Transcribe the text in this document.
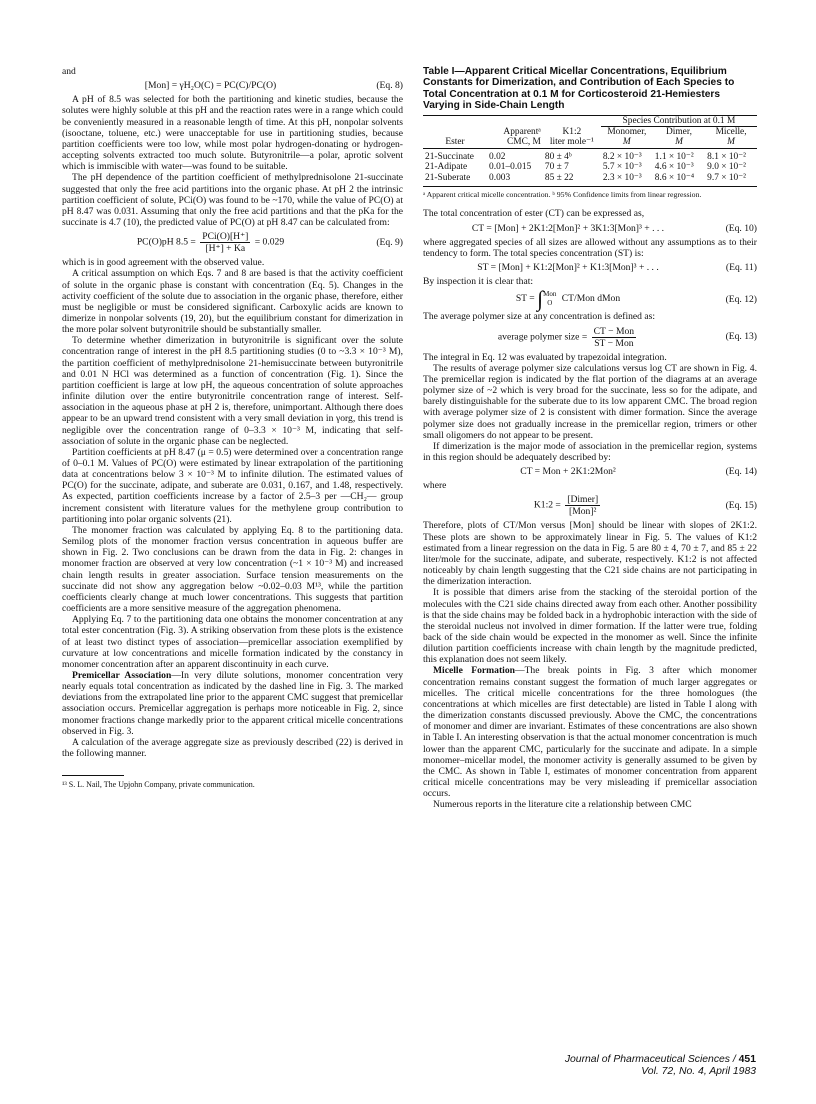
and

[Mon] = γH₂O(C) = PC(C)/PC(O)	(Eq. 8)

A pH of 8.5 was selected for both the partitioning and kinetic studies, because the solutes were highly soluble at this pH and the reaction rates were in a range which could be conveniently measured in a reasonable length of time. At this pH, nonpolar solvents (isooctane, toluene, etc.) were unacceptable for use in partitioning studies, because partition coefficients were too low, while most polar hydrogen-donating or hydrogen-accepting solvents extracted too much solute. Butyronitrile—a polar, aprotic solvent which is immiscible with water—was found to be suitable.

The pH dependence of the partition coefficient of methylprednisolone 21-succinate suggested that only the free acid partitions into the organic phase. At pH 2 the intrinsic partition coefficient of solute, PCi(O) was found to be ~170, while the value of PC(O) at pH 8.47 was 0.031. Assuming that only the free acid partitions and that the pKa for the succinate is 4.7 (10), the predicted value of PC(O) at pH 8.47 can be calculated from:

PC(O)pH $8.5 = \frac{\text{PCi(O)[H⁺]}}{[H^+] + Ka} = 0.029$	(Eq. 9)

which is in good agreement with the observed value.

A critical assumption on which Eqs. 7 and 8 are based is that the activity coefficient of solute in the organic phase is constant with concentration (Eq. 5). Changes in the activity coefficient of the solute due to association in the organic phase, therefore, either must be negligible or must be considered significant. Carboxylic acids are known to dimerize in nonpolar solvents (19, 20), but the equilibrium constant for dimerization in the more polar solvent butyronitrile should be substantially smaller.

To determine whether dimerization in butyronitrile is significant over the solute concentration range of interest in the pH 8.5 partitioning studies (0 to ~3.3 × 10⁻³ M), the partition coefficient of methylprednisolone 21-hemisuccinate between butyronitrile and 0.01 N HCl was determined as a function of concentration (Fig. 1). Since the partition coefficient is large at low pH, the aqueous concentration of solute approaches infinite dilution over the entire butyronitrile concentration range of interest. Self-association in the aqueous phase at pH 2 is, therefore, unimportant. Although there does appear to be an upward trend consistent with a very small deviation in γorg, this trend is negligible over the concentration range of 0–3.3 × 10⁻³ M, indicating that self-association of solute in the organic phase can be neglected.

Partition coefficients at pH 8.47 (μ = 0.5) were determined over a concentration range of 0–0.1 M. Values of PC(O) were estimated by linear extrapolation of the partitioning data at concentrations below 3 × 10⁻³ M to infinite dilution. The estimated values of PC(O) for the succinate, adipate, and suberate are 0.031, 0.167, and 1.48, respectively. As expected, partition coefficients increase by a factor of 2.5–3 per —CH₂— group increment consistent with literature values for the methylene group contribution to partitioning into polar organic solvents (21).

The monomer fraction was calculated by applying Eq. 8 to the partitioning data. Semilog plots of the monomer fraction versus concentration in aqueous buffer are shown in Fig. 2. Two conclusions can be drawn from the data in Fig. 2: changes in monomer fraction are observed at very low concentration (~1 × 10⁻³ M) and increased chain length results in greater association. Surface tension measurements on the succinate did not show any aggregation below ~0.02–0.03 M¹³, while the partition coefficients clearly change at much lower concentrations. This suggests that partition coefficients are a more sensitive measure of the aggregation phenomena.

Applying Eq. 7 to the partitioning data one obtains the monomer concentration at any total ester concentration (Fig. 3). A striking observation from these plots is the existence of at least two distinct types of association—premicellar association exemplified by curvature at low concentrations and micelle formation indicated by the constancy in monomer concentration after an apparent discontinuity in each curve.

Premicellar Association—In very dilute solutions, monomer concentration very nearly equals total concentration as indicated by the dashed line in Fig. 3. The marked deviations from the extrapolated line prior to the apparent CMC suggest that premicellar association occurs. Premicellar aggregation is perhaps more noticeable in Fig. 2, since monomer fractions change markedly prior to the apparent critical micelle concentrations observed in Fig. 3.

A calculation of the average aggregate size as previously described (22) is derived in the following manner.

¹³ S. L. Nail, The Upjohn Company, private communication.

Table I—Apparent Critical Micellar Concentrations, Equilibrium Constants for Dimerization, and Contribution of Each Species to Total Concentration at 0.1 M for Corticosteroid 21-Hemiesters Varying in Side-Chain Length

			Species Contribution at 0.1 M		
	Apparentᵃ	K1:2	Monomer,	Dimer,	Micelle,
Ester	CMC, M	liter mole⁻¹	M	M	M
21-Succinate	0.02	80 ± 4ᵇ	8.2 × 10⁻³	1.1 × 10⁻²	8.1 × 10⁻²
21-Adipate	0.01–0.015	70 ± 7	5.7 × 10⁻³	4.6 × 10⁻³	9.0 × 10⁻²
21-Suberate	0.003	85 ± 22	2.3 × 10⁻³	8.6 × 10⁻⁴	9.7 × 10⁻²

ᵃ Apparent critical micelle concentration. ᵇ 95% Confidence limits from linear regression.

The total concentration of ester (CT) can be expressed as,

CT = [Mon] + 2K1:2[Mon]² + 3K1:3[Mon]³ + . . .	(Eq. 10)

where aggregated species of all sizes are allowed without any assumptions as to their tendency to form. The total species concentration (ST) is:

ST = [Mon] + K1:2[Mon]² + K1:3[Mon]³ + . . .	(Eq. 11)

By inspection it is clear that:

ST = ∫ Mon
O CT/Mon dMon	(Eq. 12)

The average polymer size at any concentration is defined as:

average polymer size = $\frac{\text{CT − Mon}}{\text{ST − Mon}}$	(Eq. 13)

The integral in Eq. 12 was evaluated by trapezoidal integration.

The results of average polymer size calculations versus log CT are shown in Fig. 4. The premicellar region is indicated by the flat portion of the diagrams at an average polymer size of ~2 which is very broad for the succinate, less so for the adipate, and barely distinguishable for the suberate due to its low apparent CMC. The broad region with average polymer size of 2 is consistent with dimer formation. Since the average polymer size does not gradually increase in the premicellar region, trimers or other small oligomers do not appear to be present.

If dimerization is the major mode of association in the premicellar region, systems in this region should be adequately described by:

CT = Mon + 2K1:2Mon²	(Eq. 14)

where

K1:2 = $\frac{\text{[Dimer]}}{\text{[Mon]²}}$	(Eq. 15)

Therefore, plots of CT/Mon versus [Mon] should be linear with slopes of 2K1:2. These plots are shown to be approximately linear in Fig. 5. The values of K1:2 estimated from a linear regression on the data in Fig. 5 are 80 ± 4, 70 ± 7, and 85 ± 22 liter/mole for the succinate, adipate, and suberate, respectively. K1:2 is not affected noticeably by chain length suggesting that the C21 side chains are not participating in the dimerization interaction.

It is possible that dimers arise from the stacking of the steroidal portion of the molecules with the C21 side chains directed away from each other. Another possibility is that the side chains may be folded back in a hydrophobic interaction with the side of the steroidal nucleus not involved in dimer formation. If the latter were true, folding back of the side chain would be expected in the monomer as well. Since the infinite dilution partition coefficients increase with chain length by the magnitude predicted, this explanation does not seem likely.

Micelle Formation—The break points in Fig. 3 after which monomer concentration remains constant suggest the formation of much larger aggregates or micelles. The critical micelle concentrations for the three homologues (the concentrations at which micelles are first detectable) are listed in Table I along with the dimerization constants discussed previously. Above the CMC, the concentrations of monomer and dimer are invariant. Estimates of these concentrations are also shown in Table I. An interesting observation is that the actual monomer concentration is much lower than the apparent CMC, particularly for the succinate and adipate. In a simple monomer–micellar model, the monomer activity is generally assumed to be given by the CMC. As shown in Table I, estimates of monomer concentration from apparent critical micelle concentrations may be very misleading if premicellar association occurs.

Numerous reports in the literature cite a relationship between CMC

Journal of Pharmaceutical Sciences / 451
Vol. 72, No. 4, April 1983
